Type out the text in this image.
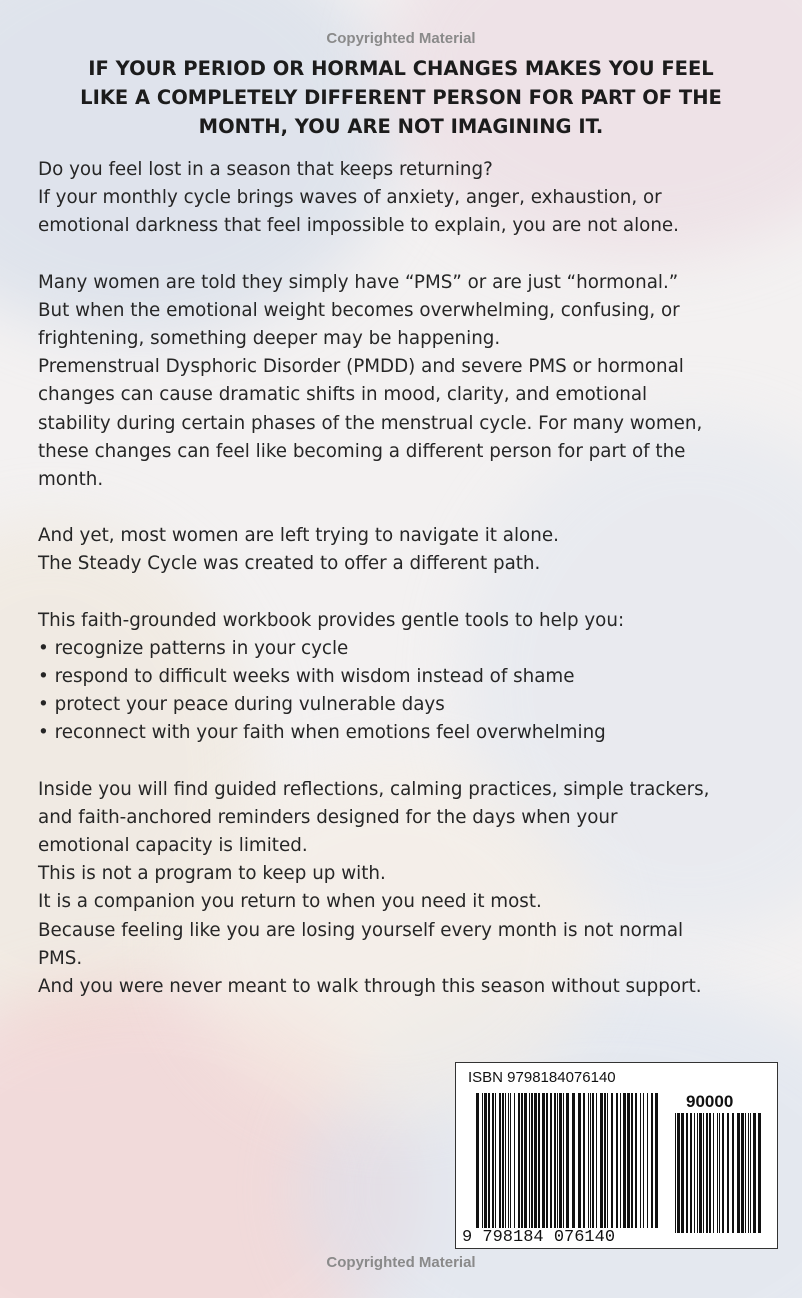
Copyrighted Material
IF YOUR PERIOD OR HORMAL CHANGES MAKES YOU FEEL
LIKE A COMPLETELY DIFFERENT PERSON FOR PART OF THE
MONTH, YOU ARE NOT IMAGINING IT.
Do you feel lost in a season that keeps returning?
If your monthly cycle brings waves of anxiety, anger, exhaustion, or
emotional darkness that feel impossible to explain, you are not alone.
Many women are told they simply have “PMS” or are just “hormonal.”
But when the emotional weight becomes overwhelming, confusing, or
frightening, something deeper may be happening.
Premenstrual Dysphoric Disorder (PMDD) and severe PMS or hormonal
changes can cause dramatic shifts in mood, clarity, and emotional
stability during certain phases of the menstrual cycle. For many women,
these changes can feel like becoming a different person for part of the
month.
And yet, most women are left trying to navigate it alone.
The Steady Cycle was created to offer a different path.
This faith-grounded workbook provides gentle tools to help you:
• recognize patterns in your cycle
• respond to difficult weeks with wisdom instead of shame
• protect your peace during vulnerable days
• reconnect with your faith when emotions feel overwhelming
Inside you will find guided reflections, calming practices, simple trackers,
and faith-anchored reminders designed for the days when your
emotional capacity is limited.
This is not a program to keep up with.
It is a companion you return to when you need it most.
Because feeling like you are losing yourself every month is not normal
PMS.
And you were never meant to walk through this season without support.
ISBN 9798184076140
90000
9 798184 076140
Copyrighted Material
